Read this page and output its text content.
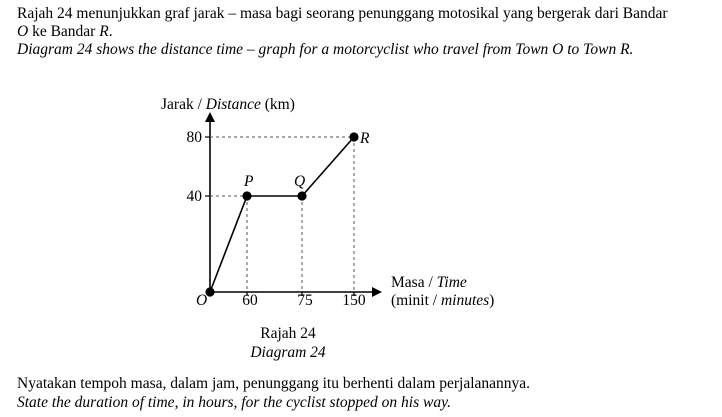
Rajah 24 menunjukkan graf jarak – masa bagi seorang penunggang motosikal yang bergerak dari Bandar
O ke Bandar R.
Diagram 24 shows the distance time – graph for a motorcyclist who travel from Town O to Town R.
P	Q
R
40
80
60	75 150
Jarak / Distance (km)
Masa / Time
(minit / minutes)
O
Rajah 24
Diagram 24
Nyatakan tempoh masa, dalam jam, penunggang itu berhenti dalam perjalanannya.
State the duration of time, in hours, for the cyclist stopped on his way.
